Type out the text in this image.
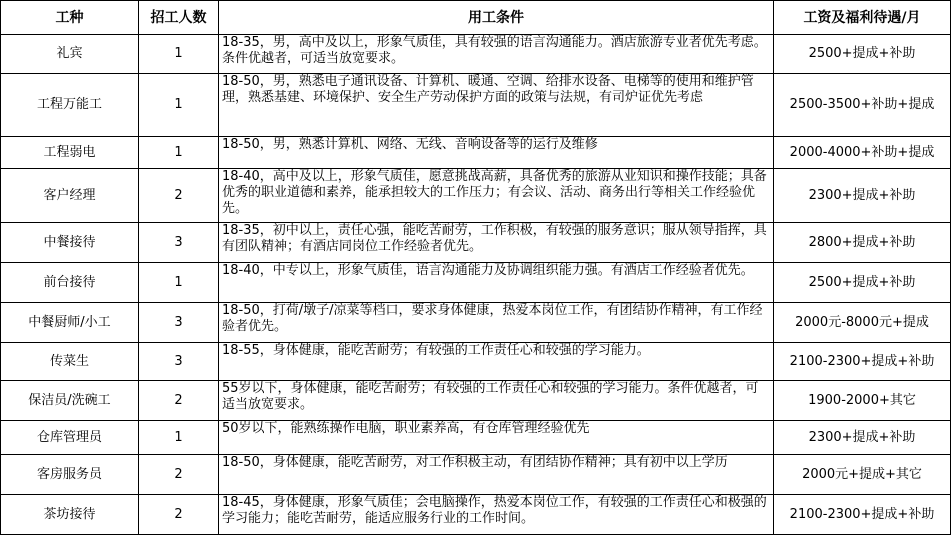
工种	招工人数	用工条件	工资及福利待遇/月
礼宾	1	18-35，男，高中及以上，形象气质佳，具有较强的语言沟通能力。酒店旅游专业者优先考虑。条件优越者，可适当放宽要求。	2500+提成+补助
工程万能工	1	18-50，男，熟悉电子通讯设备、计算机、暖通、空调、给排水设备、电梯等的使用和维护管理，熟悉基建、环境保护、安全生产劳动保护方面的政策与法规，有司炉证优先考虑	2500-3500+补助+提成
工程弱电	1	18-50，男，熟悉计算机、网络、无线、音响设备等的运行及维修	2000-4000+补助+提成
客户经理	2	18-40，高中及以上，形象气质佳，愿意挑战高薪，具备优秀的旅游从业知识和操作技能；具备优秀的职业道德和素养，能承担较大的工作压力；有会议、活动、商务出行等相关工作经验优先。	2300+提成+补助
中餐接待	3	18-35，初中以上，责任心强，能吃苦耐劳，工作积极，有较强的服务意识；服从领导指挥，具有团队精神；有酒店同岗位工作经验者优先。	2800+提成+补助
前台接待	1	18-40，中专以上，形象气质佳，语言沟通能力及协调组织能力强。有酒店工作经验者优先。	2500+提成+补助
中餐厨师/小工	3	18-50，打荷/墩子/凉菜等档口，要求身体健康，热爱本岗位工作，有团结协作精神，有工作经验者优先。	2000元-8000元+提成
传菜生	3	18-55，身体健康，能吃苦耐劳；有较强的工作责任心和较强的学习能力。	2100-2300+提成+补助
保洁员/洗碗工	2	55岁以下，身体健康，能吃苦耐劳；有较强的工作责任心和较强的学习能力。条件优越者，可适当放宽要求。	1900-2000+其它
仓库管理员	1	50岁以下，能熟练操作电脑，职业素养高，有仓库管理经验优先	2300+提成+补助
客房服务员	2	18-50，身体健康，能吃苦耐劳，对工作积极主动，有团结协作精神；具有初中以上学历	2000元+提成+其它
茶坊接待	2	18-45，身体健康，形象气质佳；会电脑操作，热爱本岗位工作，有较强的工作责任心和极强的学习能力；能吃苦耐劳，能适应服务行业的工作时间。	2100-2300+提成+补助
